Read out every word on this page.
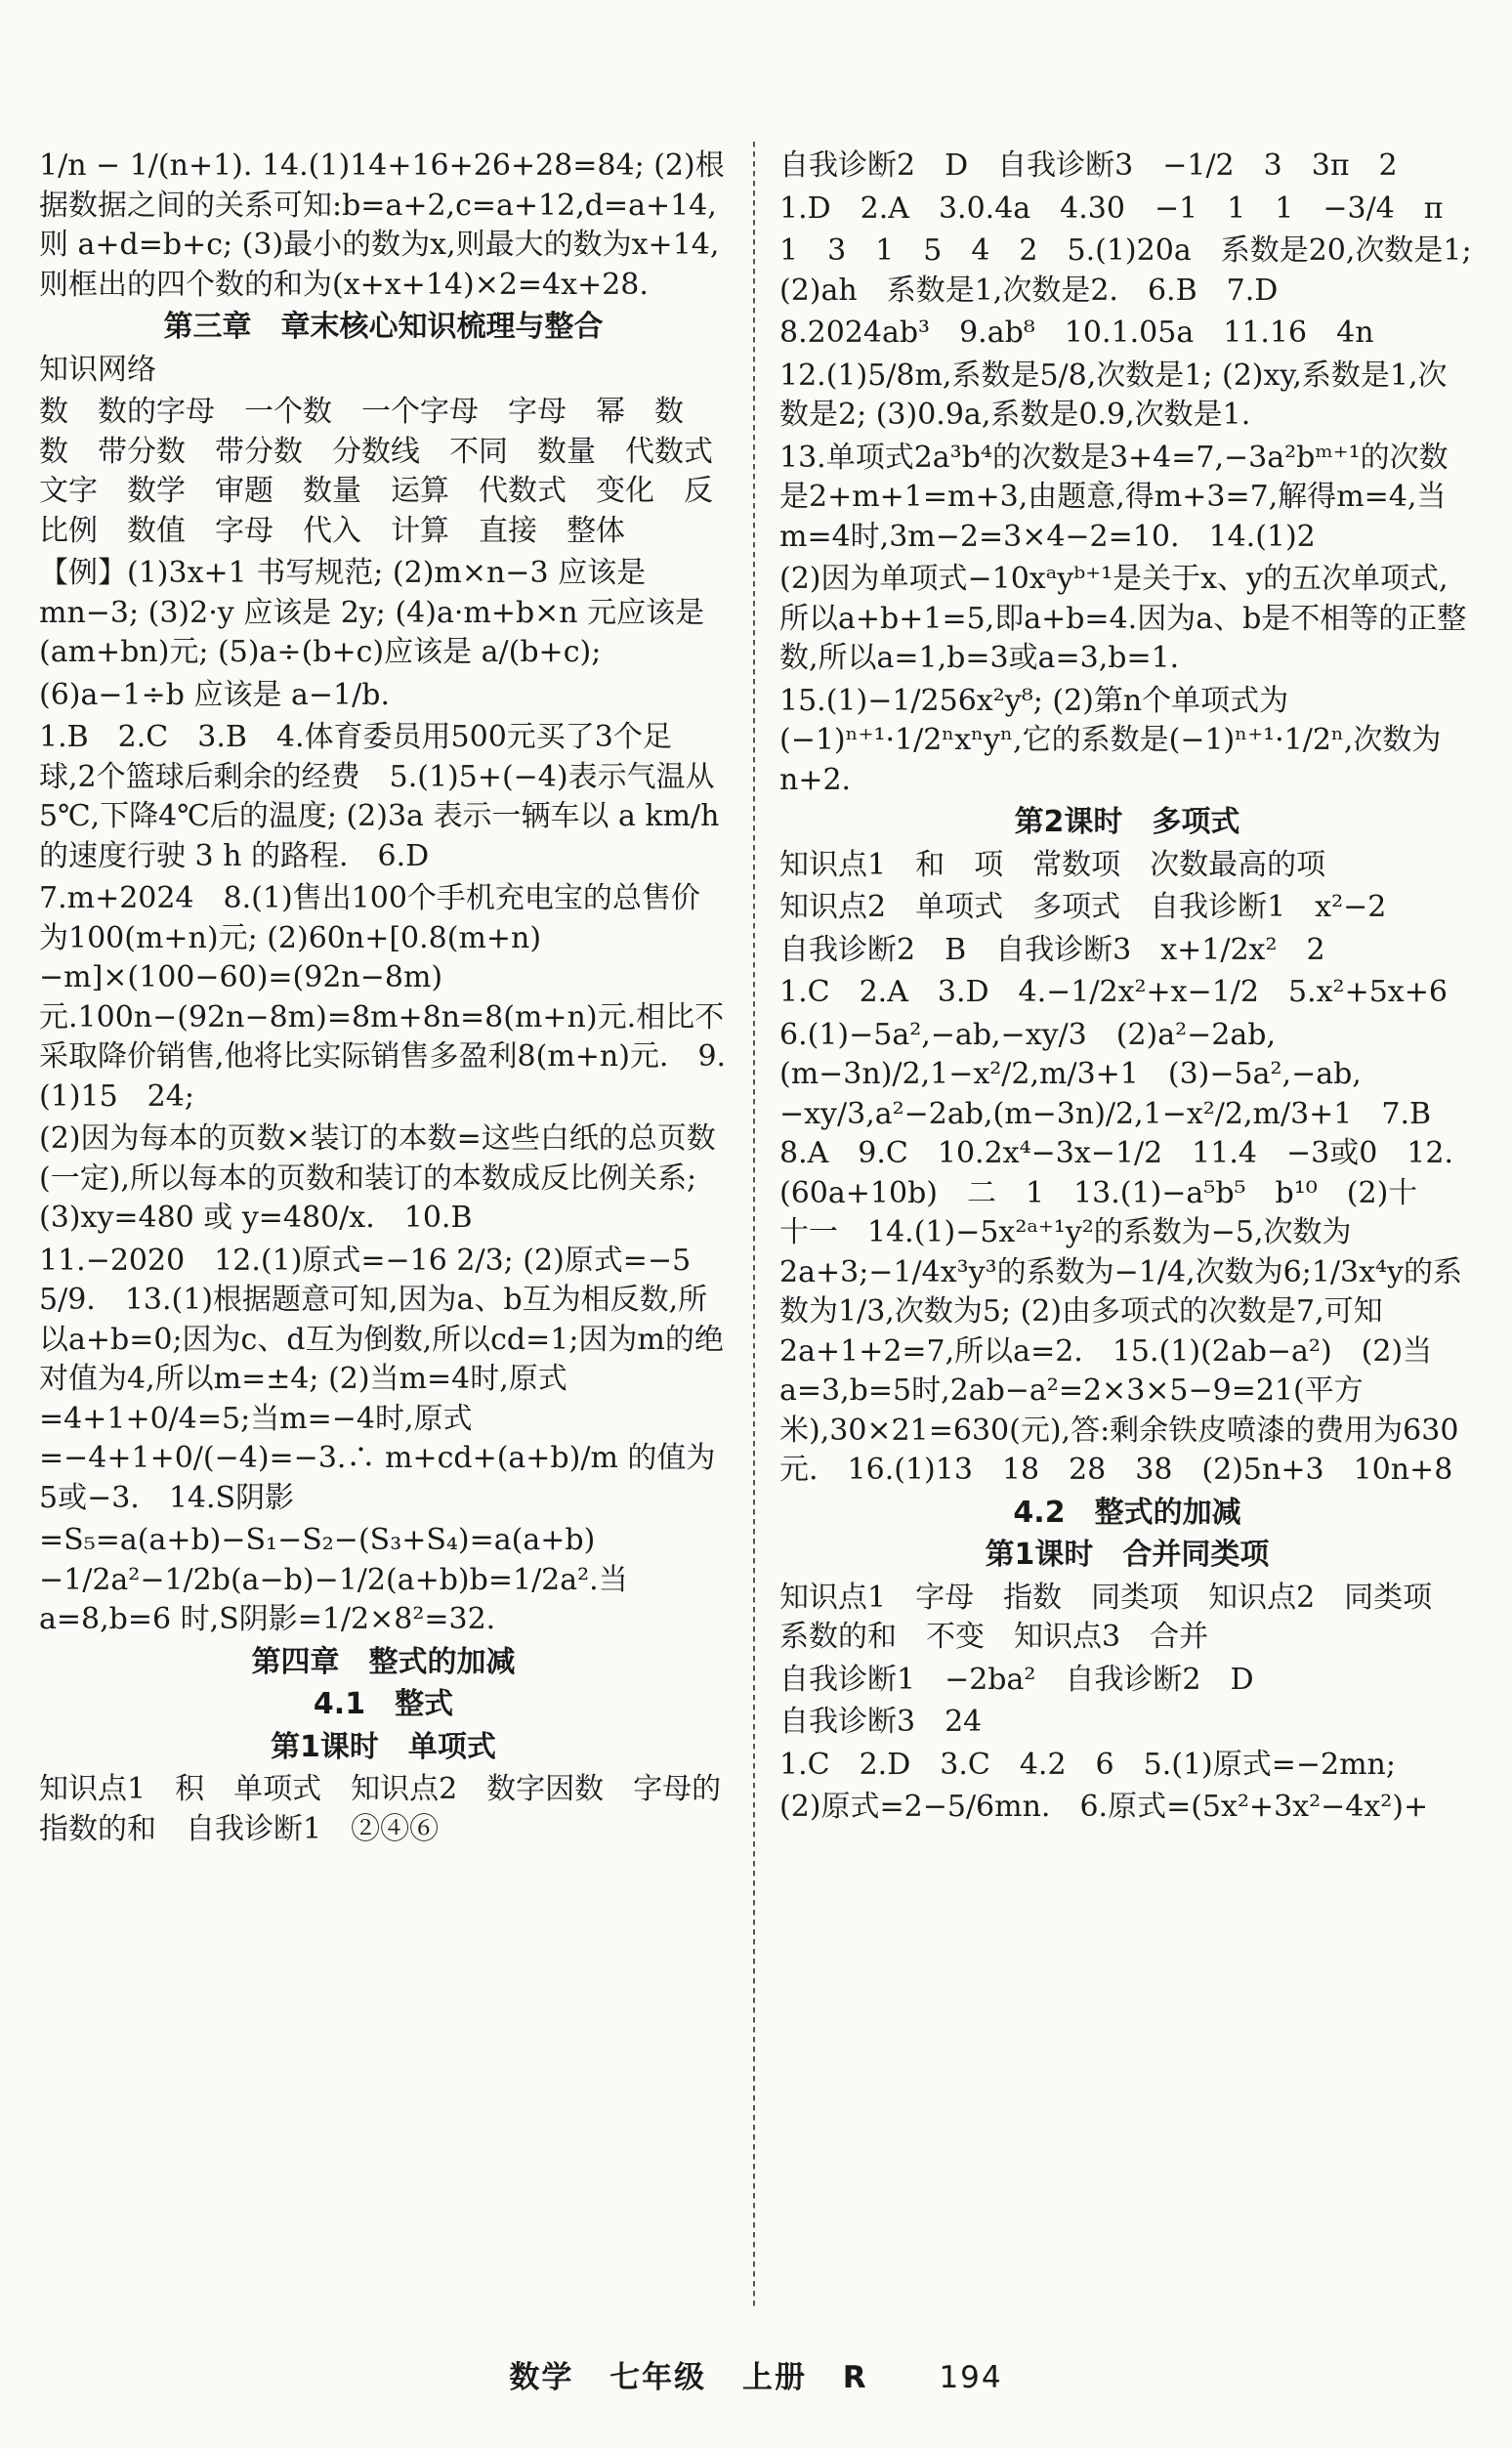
1/n − 1/(n+1). 14.(1)14+16+26+28=84; (2)根据数据之间的关系可知:b=a+2,c=a+12,d=a+14,则 a+d=b+c; (3)最小的数为x,则最大的数为x+14,则框出的四个数的和为(x+x+14)×2=4x+28.
第三章　章末核心知识梳理与整合
知识网络
数　数的字母　一个数　一个字母　字母　幂　数　数　带分数　带分数　分数线　不同　数量　代数式　文字　数学　审题　数量　运算　代数式　变化　反比例　数值　字母　代入　计算　直接　整体
【例】(1)3x+1 书写规范; (2)m×n−3 应该是 mn−3; (3)2·y 应该是 2y; (4)a·m+b×n 元应该是(am+bn)元; (5)a÷(b+c)应该是 a/(b+c);
(6)a−1÷b 应该是 a−1/b.
1.B　2.C　3.B　4.体育委员用500元买了3个足球,2个篮球后剩余的经费　5.(1)5+(−4)表示气温从5℃,下降4℃后的温度; (2)3a 表示一辆车以 a km/h 的速度行驶 3 h 的路程.　6.D
7.m+2024　8.(1)售出100个手机充电宝的总售价为100(m+n)元; (2)60n+[0.8(m+n)−m]×(100−60)=(92n−8m)元.100n−(92n−8m)=8m+8n=8(m+n)元.相比不采取降价销售,他将比实际销售多盈利8(m+n)元.　9.(1)15　24;
(2)因为每本的页数×装订的本数=这些白纸的总页数(一定),所以每本的页数和装订的本数成反比例关系; (3)xy=480 或 y=480/x.　10.B
11.−2020　12.(1)原式=−16 2/3; (2)原式=−5 5/9.　13.(1)根据题意可知,因为a、b互为相反数,所以a+b=0;因为c、d互为倒数,所以cd=1;因为m的绝对值为4,所以m=±4; (2)当m=4时,原式=4+1+0/4=5;当m=−4时,原式=−4+1+0/(−4)=−3.∴ m+cd+(a+b)/m 的值为5或−3.　14.S阴影
=S₅=a(a+b)−S₁−S₂−(S₃+S₄)=a(a+b)−1/2a²−1/2b(a−b)−1/2(a+b)b=1/2a².当 a=8,b=6 时,S阴影=1/2×8²=32.
第四章　整式的加减
4.1　整式
第1课时　单项式
知识点1　积　单项式　知识点2　数字因数　字母的指数的和　自我诊断1　②④⑥
自我诊断2　D　自我诊断3　−1/2　3　3π　2
1.D　2.A　3.0.4a　4.30　−1　1　1　−3/4　π
1　3　1　5　4　2　5.(1)20a　系数是20,次数是1; (2)ah　系数是1,次数是2.　6.B　7.D
8.2024ab³　9.ab⁸　10.1.05a　11.16　4n
12.(1)5/8m,系数是5/8,次数是1; (2)xy,系数是1,次数是2; (3)0.9a,系数是0.9,次数是1.
13.单项式2a³b⁴的次数是3+4=7,−3a²bᵐ⁺¹的次数是2+m+1=m+3,由题意,得m+3=7,解得m=4,当m=4时,3m−2=3×4−2=10.　14.(1)2
(2)因为单项式−10xᵃyᵇ⁺¹是关于x、y的五次单项式,所以a+b+1=5,即a+b=4.因为a、b是不相等的正整数,所以a=1,b=3或a=3,b=1.
15.(1)−1/256x²y⁸; (2)第n个单项式为(−1)ⁿ⁺¹·1/2ⁿxⁿyⁿ,它的系数是(−1)ⁿ⁺¹·1/2ⁿ,次数为n+2.
第2课时　多项式
知识点1　和　项　常数项　次数最高的项
知识点2　单项式　多项式　自我诊断1　x²−2
自我诊断2　B　自我诊断3　x+1/2x²　2
1.C　2.A　3.D　4.−1/2x²+x−1/2　5.x²+5x+6
6.(1)−5a²,−ab,−xy/3　(2)a²−2ab,(m−3n)/2,1−x²/2,m/3+1　(3)−5a²,−ab,−xy/3,a²−2ab,(m−3n)/2,1−x²/2,m/3+1　7.B　8.A　9.C　10.2x⁴−3x−1/2　11.4　−3或0　12.(60a+10b)　二　1　13.(1)−a⁵b⁵　b¹⁰　(2)十　十一　14.(1)−5x²ᵃ⁺¹y²的系数为−5,次数为2a+3;−1/4x³y³的系数为−1/4,次数为6;1/3x⁴y的系数为1/3,次数为5; (2)由多项式的次数是7,可知2a+1+2=7,所以a=2.　15.(1)(2ab−a²)　(2)当a=3,b=5时,2ab−a²=2×3×5−9=21(平方米),30×21=630(元),答:剩余铁皮喷漆的费用为630元.　16.(1)13　18　28　38　(2)5n+3　10n+8
4.2　整式的加减
第1课时　合并同类项
知识点1　字母　指数　同类项　知识点2　同类项　系数的和　不变　知识点3　合并
自我诊断1　−2ba²　自我诊断2　D
自我诊断3　24
1.C　2.D　3.C　4.2　6　5.(1)原式=−2mn;
(2)原式=2−5/6mn.　6.原式=(5x²+3x²−4x²)+
数学 七年级 上册 R 194
